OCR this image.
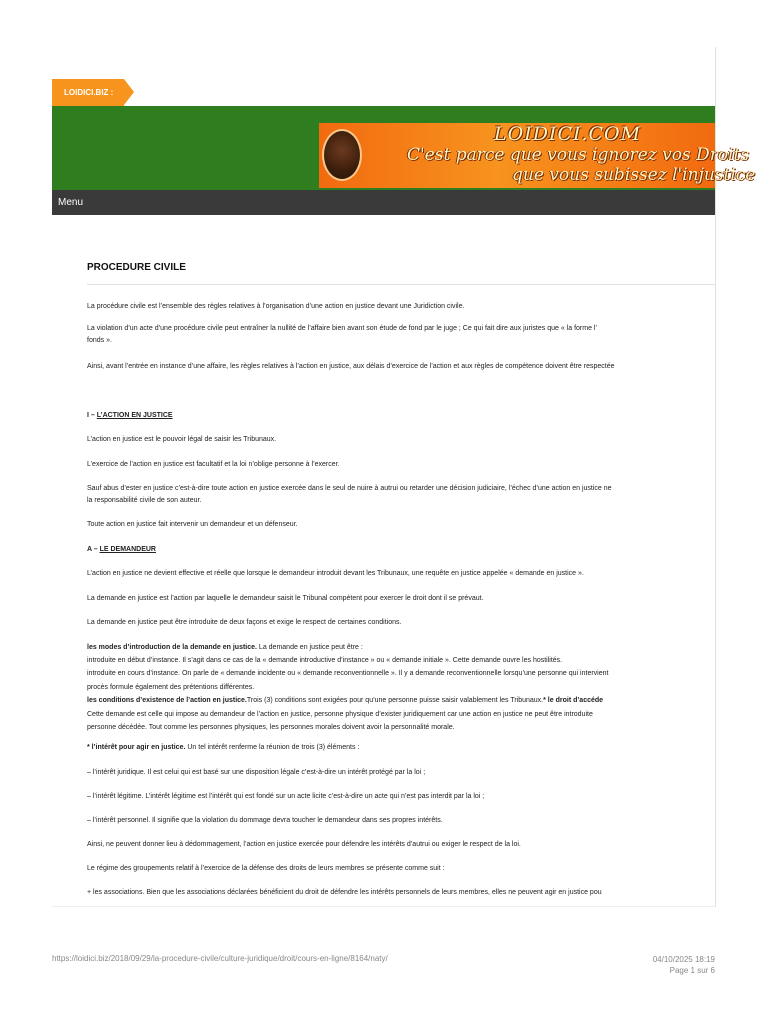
LOIDICI.BIZ :
LOIDICI.COM
C'est parce que vous ignorez vos Droits
que vous subissez l'injustice
Menu
PROCEDURE CIVILE
La procédure civile est l’ensemble des règles relatives à l’organisation d’une action en justice devant une Juridiction civile.
La violation d’un acte d’une procédure civile peut entraîner la nullité de l’affaire bien avant son étude de fond par le juge ; Ce qui fait dire aux juristes que « la forme l’
fonds ».
Ainsi, avant l’entrée en instance d’une affaire, les règles relatives à l’action en justice, aux délais d’exercice de l’action et aux règles de compétence doivent être respectée
I – L’ACTION EN JUSTICE
L’action en justice est le pouvoir légal de saisir les Tribunaux.
L’exercice de l’action en justice est facultatif et la loi n’oblige personne à l’exercer.
Sauf abus d’ester en justice c’est-à-dire toute action en justice exercée dans le seul de nuire à autrui ou retarder une décision judiciaire, l’échec d’une action en justice ne
la responsabilité civile de son auteur.
Toute action en justice fait intervenir un demandeur et un défenseur.
A – LE DEMANDEUR
L’action en justice ne devient effective et réelle que lorsque le demandeur introduit devant les Tribunaux, une requête en justice appelée « demande en justice ».
La demande en justice est l’action par laquelle le demandeur saisit le Tribunal compétent pour exercer le droit dont il se prévaut.
La demande en justice peut être introduite de deux façons et exige le respect de certaines conditions.
les modes d’introduction de la demande en justice. La demande en justice peut être :
introduite en début d’instance. Il s’agit dans ce cas de la « demande introductive d’instance » ou « demande initiale ». Cette demande ouvre les hostilités.
introduite en cours d’instance. On parle de « demande incidente ou « demande reconventionnelle ». Il y a demande reconventionnelle lorsqu’une personne qui intervient
procès formule également des prétentions différentes.
les conditions d’existence de l’action en justice.Trois (3) conditions sont exigées pour qu’une personne puisse saisir valablement les Tribunaux.* le droit d’accéde
Cette demande est celle qui impose au demandeur de l’action en justice, personne physique d’exister juridiquement car une action en justice ne peut être introduite
personne décédée. Tout comme les personnes physiques, les personnes morales doivent avoir la personnalité morale.
* l’intérêt pour agir en justice. Un tel intérêt renferme la réunion de trois (3) éléments :
– l’intérêt juridique. Il est celui qui est basé sur une disposition légale c’est-à-dire un intérêt protégé par la loi ;
– l’intérêt légitime. L’intérêt légitime est l’intérêt qui est fondé sur un acte licite c’est-à-dire un acte qui n’est pas interdit par la loi ;
– l’intérêt personnel. Il signifie que la violation du dommage devra toucher le demandeur dans ses propres intérêts.
Ainsi, ne peuvent donner lieu à dédommagement, l’action en justice exercée pour défendre les intérêts d’autrui ou exiger le respect de la loi.
Le régime des groupements relatif à l’exercice de la défense des droits de leurs membres se présente comme suit :
+ les associations. Bien que les associations déclarées bénéficient du droit de défendre les intérêts personnels de leurs membres, elles ne peuvent agir en justice pou
https://loidici.biz/2018/09/29/la-procedure-civile/culture-juridique/droit/cours-en-ligne/8164/naty/	04/10/2025 18:19
Page 1 sur 6
